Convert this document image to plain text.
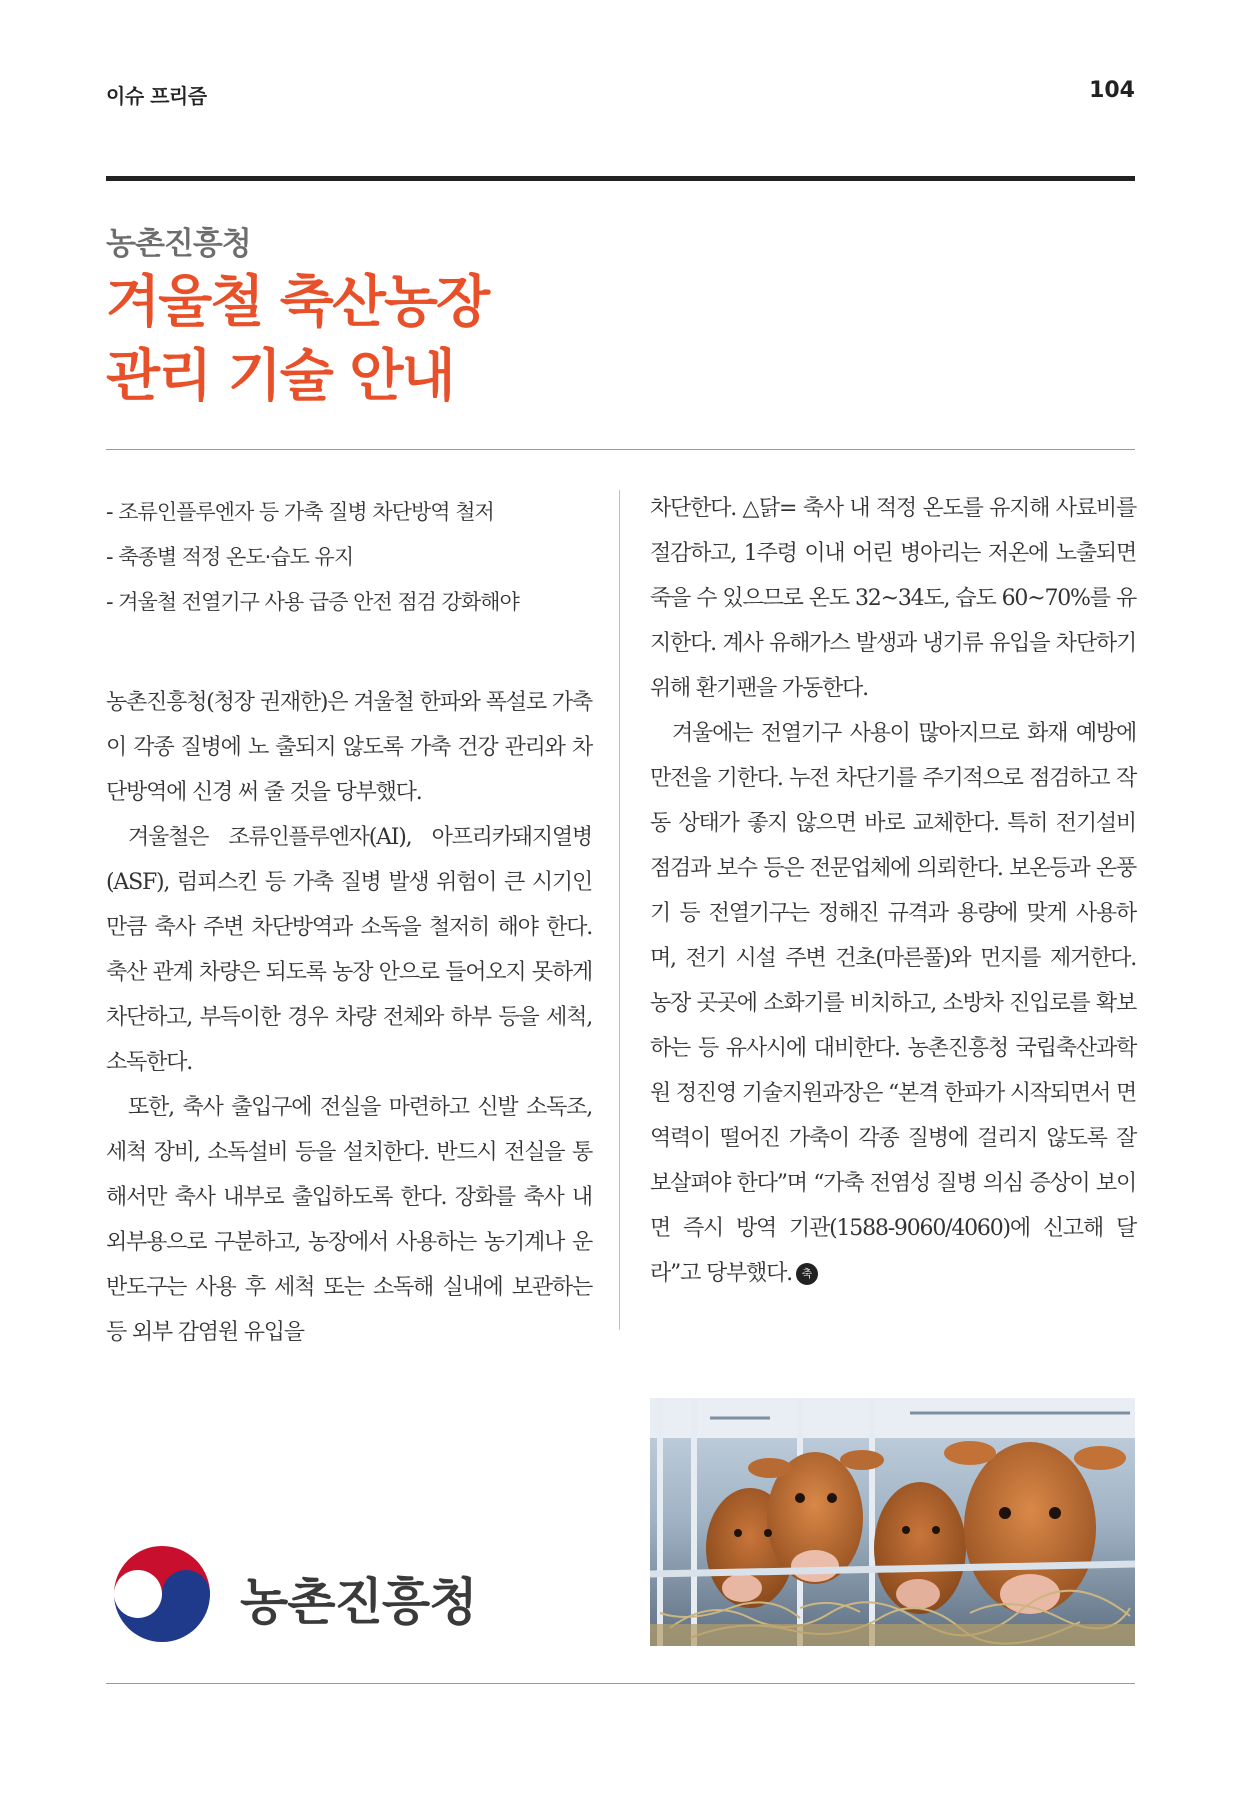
이슈 프리즘	104
농촌진흥청
겨울철 축산농장
관리 기술 안내
- 조류인플루엔자 등 가축 질병 차단방역 철저
- 축종별 적정 온도·습도 유지
- 겨울철 전열기구 사용 급증 안전 점검 강화해야

농촌진흥청(청장 권재한)은 겨울철 한파와 폭설로 가축이 각종 질병에 노 출되지 않도록 가축 건강 관리와 차단방역에 신경 써 줄 것을 당부했다.

겨울철은 조류인플루엔자(AI), 아프리카돼지열병(ASF), 럼피스킨 등 가축 질병 발생 위험이 큰 시기인 만큼 축사 주변 차단방역과 소독을 철저히 해야 한다. 축산 관계 차량은 되도록 농장 안으로 들어오지 못하게 차단하고, 부득이한 경우 차량 전체와 하부 등을 세척, 소독한다.

또한, 축사 출입구에 전실을 마련하고 신발 소독조, 세척 장비, 소독설비 등을 설치한다. 반드시 전실을 통해서만 축사 내부로 출입하도록 한다. 장화를 축사 내외부용으로 구분하고, 농장에서 사용하는 농기계나 운반도구는 사용 후 세척 또는 소독해 실내에 보관하는 등 외부 감염원 유입을

차단한다. △닭= 축사 내 적정 온도를 유지해 사료비를 절감하고, 1주령 이내 어린 병아리는 저온에 노출되면 죽을 수 있으므로 온도 32~34도, 습도 60~70%를 유지한다. 계사 유해가스 발생과 냉기류 유입을 차단하기 위해 환기팬을 가동한다.

겨울에는 전열기구 사용이 많아지므로 화재 예방에 만전을 기한다. 누전 차단기를 주기적으로 점검하고 작동 상태가 좋지 않으면 바로 교체한다. 특히 전기설비 점검과 보수 등은 전문업체에 의뢰한다. 보온등과 온풍기 등 전열기구는 정해진 규격과 용량에 맞게 사용하며, 전기 시설 주변 건초(마른풀)와 먼지를 제거한다. 농장 곳곳에 소화기를 비치하고, 소방차 진입로를 확보하는 등 유사시에 대비한다. 농촌진흥청 국립축산과학원 정진영 기술지원과장은 “본격 한파가 시작되면서 면역력이 떨어진 가축이 각종 질병에 걸리지 않도록 잘 보살펴야 한다”며 “가축 전염성 질병 의심 증상이 보이면 즉시 방역 기관(1588-9060/4060)에 신고해 달라”고 당부했다. 축

농촌진흥청
